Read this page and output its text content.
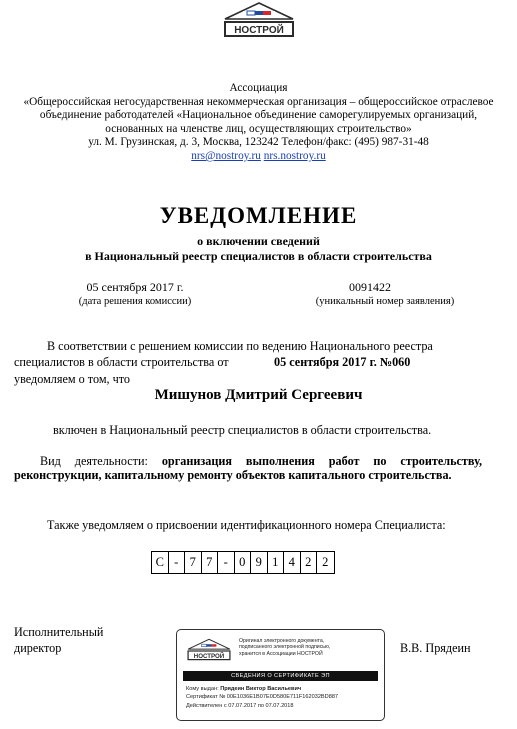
НОСТРОЙ
Ассоциация
«Общероссийская негосударственная некоммерческая организация – общероссийское отраслевое
объединение работодателей «Национальное объединение саморегулируемых организаций,
основанных на членстве лиц, осуществляющих строительство»
ул. М. Грузинская, д. 3, Москва, 123242 Телефон/факс: (495) 987-31-48
nrs@nostroy.ru nrs.nostroy.ru
УВЕДОМЛЕНИЕ
о включении сведений
в Национальный реестр специалистов в области строительства
05 сентября 2017 г.
(дата решения комиссии)
0091422
(уникальный номер заявления)
В соответствии с решением комиссии по ведению Национального реестра
специалистов в области строительства от	05 сентября 2017 г. №060
уведомляем о том, что
Мишунов Дмитрий Сергеевич
включен в Национальный реестр специалистов в области строительства.
Вид деятельности: организация выполнения работ по строительству, реконструкции, капитальному ремонту объектов капитального строительства.
Также уведомляем о присвоении идентификационного номера Специалиста:
С - 7 7 - 0 9 1 4 2 2
Исполнительный
директор	В.В. Прядеин
НОСТРОЙ
Оригинал электронного документа,
подписанного электронной подписью,
хранится в Ассоциации НОСТРОЙ
СВЕДЕНИЯ О СЕРТИФИКАТЕ ЭП
Кому выдан: Прядеин Виктор Васильевич
Сертификат № 00E1036E1B07E0D580E711F162032BD887
Действителен с 07.07.2017 по 07.07.2018
